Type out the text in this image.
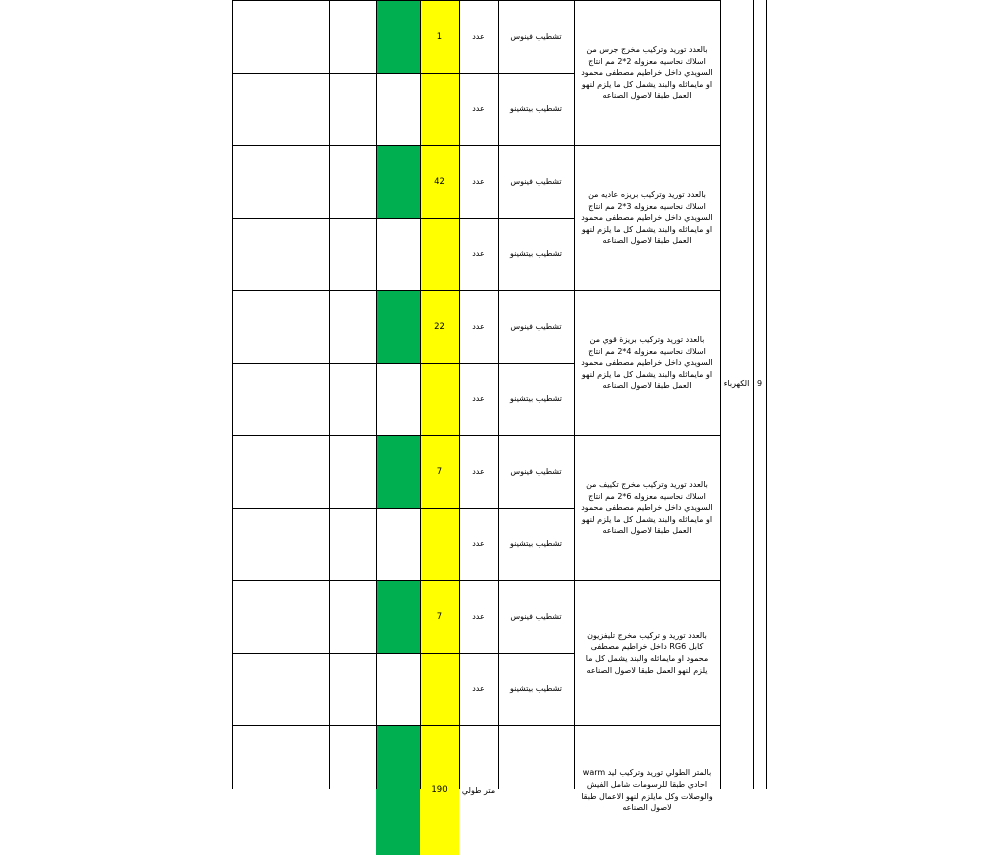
9
الكهرباء
بالعدد توريد وتركيب مخرج جرس من اسلاك نحاسيه معزوله 2*2 مم انتاج السويدي داخل خراطيم مصطفى محمود او مايماثله والبند يشمل كل ما يلزم لنهو العمل طبقا لاصول الصناعه
1	عدد	تشطيب فينوس
عدد	تشطيب بيتشينو
بالعدد توريد وتركيب بريزه عاديه من اسلاك نحاسيه معزوله 3*2 مم انتاج السويدي داخل خراطيم مصطفى محمود او مايماثله والبند يشمل كل ما يلزم لنهو العمل طبقا لاصول الصناعه
42	عدد	تشطيب فينوس
عدد	تشطيب بيتشينو
بالعدد توريد وتركيب بريزة قوي من اسلاك نحاسيه معزوله 4*2 مم انتاج السويدي داخل خراطيم مصطفى محمود او مايماثله والبند يشمل كل ما يلزم لنهو العمل طبقا لاصول الصناعه
22	عدد	تشطيب فينوس
عدد	تشطيب بيتشينو
بالعدد توريد وتركيب مخرج تكييف من اسلاك نحاسيه معزوله 6*2 مم انتاج السويدي داخل خراطيم مصطفى محمود او مايماثله والبند يشمل كل ما يلزم لنهو العمل طبقا لاصول الصناعه
7	عدد	تشطيب فينوس
عدد	تشطيب بيتشينو
بالعدد توريد و تركيب مخرج تليفزيون كابل RG6 داخل خراطيم مصطفى محمود او مايماثله والبند يشمل كل ما يلزم لنهو العمل طبقا لاصول الصناعه
7	عدد	تشطيب فينوس
عدد	تشطيب بيتشينو
بالمتر الطولي توريد وتركيب ليد warm احادي طبقا للرسومات شامل الفيش والوصلات وكل مايلزم لنهو الاعمال طبقا لاصول الصناعه
190	متر طولي
